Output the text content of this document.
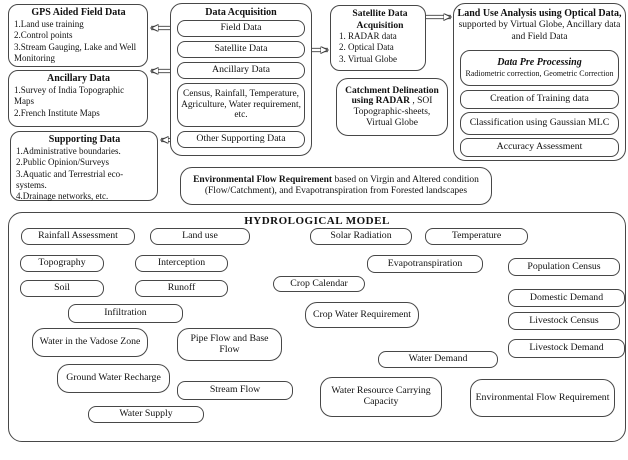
GPS Aided Field Data
1.Land use training
2.Control points
3.Stream Gauging, Lake and Well Monitoring
Ancillary Data
1.Survey of India Topographic Maps
2.French Institute Maps
Supporting Data
1.Administrative boundaries.
2.Public Opinion/Surveys
3.Aquatic and Terrestrial eco-systems.
4.Drainage networks, etc.
Data Acquisition
Field Data
Satellite Data
Ancillary Data
Census, Rainfall, Temperature, Agriculture, Water requirement, etc.
Other Supporting Data
Satellite Data
Acquisition
1. RADAR data
2. Optical Data
3. Virtual Globe
Catchment Delineation
using RADAR , SOI
Topographic-sheets,
Virtual Globe
Land Use Analysis using Optical Data,
supported by Virtual Globe, Ancillary data
and Field Data
Data Pre Processing
Radiometric correction, Geometric Correction
Creation of Training data
Classification using Gaussian MLC
Accuracy Assessment
Environmental Flow Requirement based on Virgin and Altered condition
(Flow/Catchment), and Evapotranspiration from Forested landscapes
HYDROLOGICAL MODEL
Rainfall Assessment	Land use	Solar Radiation	Temperature
Topography	Interception
Soil	Runoff
Evapotranspiration	Population Census
Crop Calendar
Domestic Demand
Livestock Census
Livestock Demand
Infiltration	Crop Water Requirement
Water in the Vadose Zone	Pipe Flow and Base Flow
Ground Water Recharge
Water Demand
Stream Flow	Water Resource Carrying Capacity	Environmental Flow Requirement
Water Supply
